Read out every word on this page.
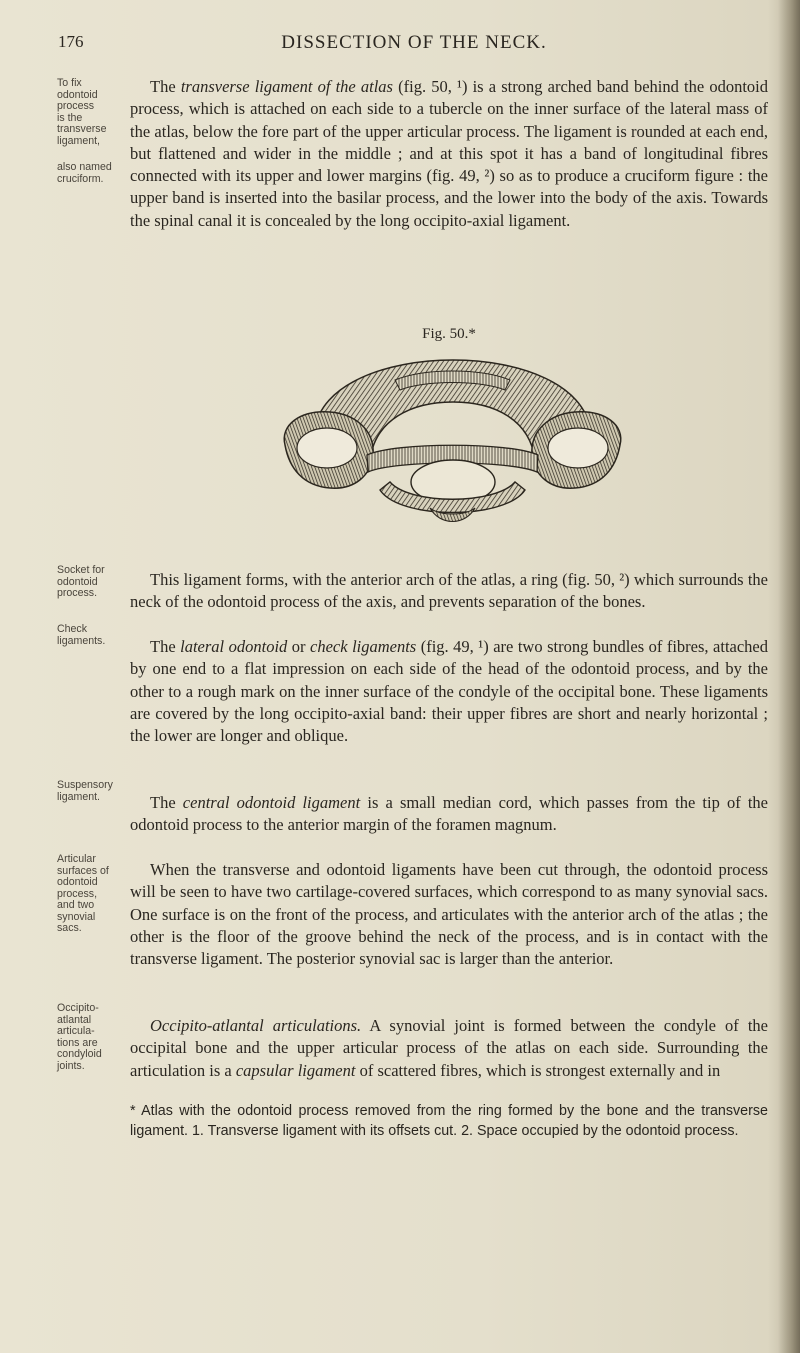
176	DISSECTION OF THE NECK.
To fix
odontoid
process
is the
transverse
ligament,
also named
cruciform.
Socket for
odontoid
process.
Check
ligaments.
Suspensory
ligament.
Articular
surfaces of
odontoid
process,
and two
synovial
sacs.
Occipito-
atlantal
articula-
tions are
condyloid
joints.

The transverse ligament of the atlas (fig. 50, ¹) is a strong arched band behind the odontoid process, which is attached on each side to a tubercle on the inner surface of the lateral mass of the atlas, below the fore part of the upper articular process. The ligament is rounded at each end, but flattened and wider in the middle ; and at this spot it has a band of longitudinal fibres connected with its upper and lower margins (fig. 49, ²) so as to produce a cruciform figure : the upper band is inserted into the basilar process, and the lower into the body of the axis. Towards the spinal canal it is concealed by the long occipito-axial ligament.

Fig. 50.*

This ligament forms, with the anterior arch of the atlas, a ring (fig. 50, ²) which surrounds the neck of the odontoid process of the axis, and prevents separation of the bones.

The lateral odontoid or check ligaments (fig. 49, ¹) are two strong bundles of fibres, attached by one end to a flat impression on each side of the head of the odontoid process, and by the other to a rough mark on the inner surface of the condyle of the occipital bone. These ligaments are covered by the long occipito-axial band: their upper fibres are short and nearly horizontal ; the lower are longer and oblique.

The central odontoid ligament is a small median cord, which passes from the tip of the odontoid process to the anterior margin of the foramen magnum.

When the transverse and odontoid ligaments have been cut through, the odontoid process will be seen to have two cartilage-covered surfaces, which correspond to as many synovial sacs. One surface is on the front of the process, and articulates with the anterior arch of the atlas ; the other is the floor of the groove behind the neck of the process, and is in contact with the transverse ligament. The posterior synovial sac is larger than the anterior.

Occipito-atlantal articulations. A synovial joint is formed between the condyle of the occipital bone and the upper articular process of the atlas on each side. Surrounding the articulation is a capsular ligament of scattered fibres, which is strongest externally and in

* Atlas with the odontoid process removed from the ring formed by the bone and the transverse ligament. 1. Transverse ligament with its offsets cut. 2. Space occupied by the odontoid process.
